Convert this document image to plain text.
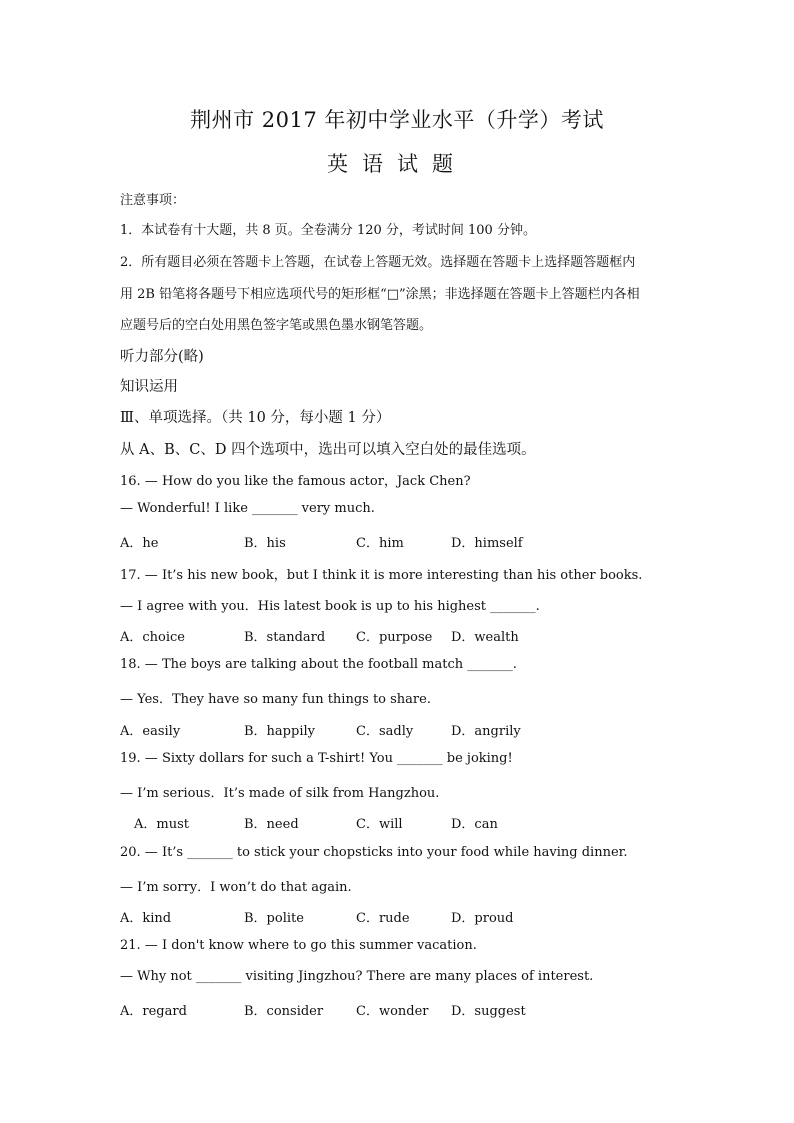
荆州市 2017 年初中学业水平（升学）考试
英语试题
注意事项：
1．本试卷有十大题，共 8 页。全卷满分 120 分，考试时间 100 分钟。
2．所有题目必须在答题卡上答题，在试卷上答题无效。选择题在答题卡上选择题答题框内
用 2B 铅笔将各题号下相应选项代号的矩形框“□”涂黑；非选择题在答题卡上答题栏内各相
应题号后的空白处用黑色签字笔或黑色墨水钢笔答题。
听力部分(略)
知识运用
Ⅲ、单项选择。（共 10 分，每小题 1 分）
从 A、B、C、D 四个选项中，选出可以填入空白处的最佳选项。
16. — How do you like the famous actor，Jack Chen?
— Wonderful! I like _______ very much.
A．he	B．his	C．him	D．himself
17. — It’s his new book，but I think it is more interesting than his other books.
— I agree with you．His latest book is up to his highest _______.
A．choice	B．standard C．purpose D．wealth
18. — The boys are talking about the football match _______.
— Yes．They have so many fun things to share.
A．easily	B．happily	C．sadly	D．angrily
19. — Sixty dollars for such a T-shirt! You _______ be joking!
— I’m serious．It’s made of silk from Hangzhou.
A．must	B．need	C．will	D．can
20. — It’s _______ to stick your chopsticks into your food while having dinner.
— I’m sorry．I won’t do that again.
A．kind	B．polite	C．rude	D．proud
21. — I don't know where to go this summer vacation.
— Why not _______ visiting Jingzhou? There are many places of interest.
A．regard	B．consider	C．wonder D．suggest
